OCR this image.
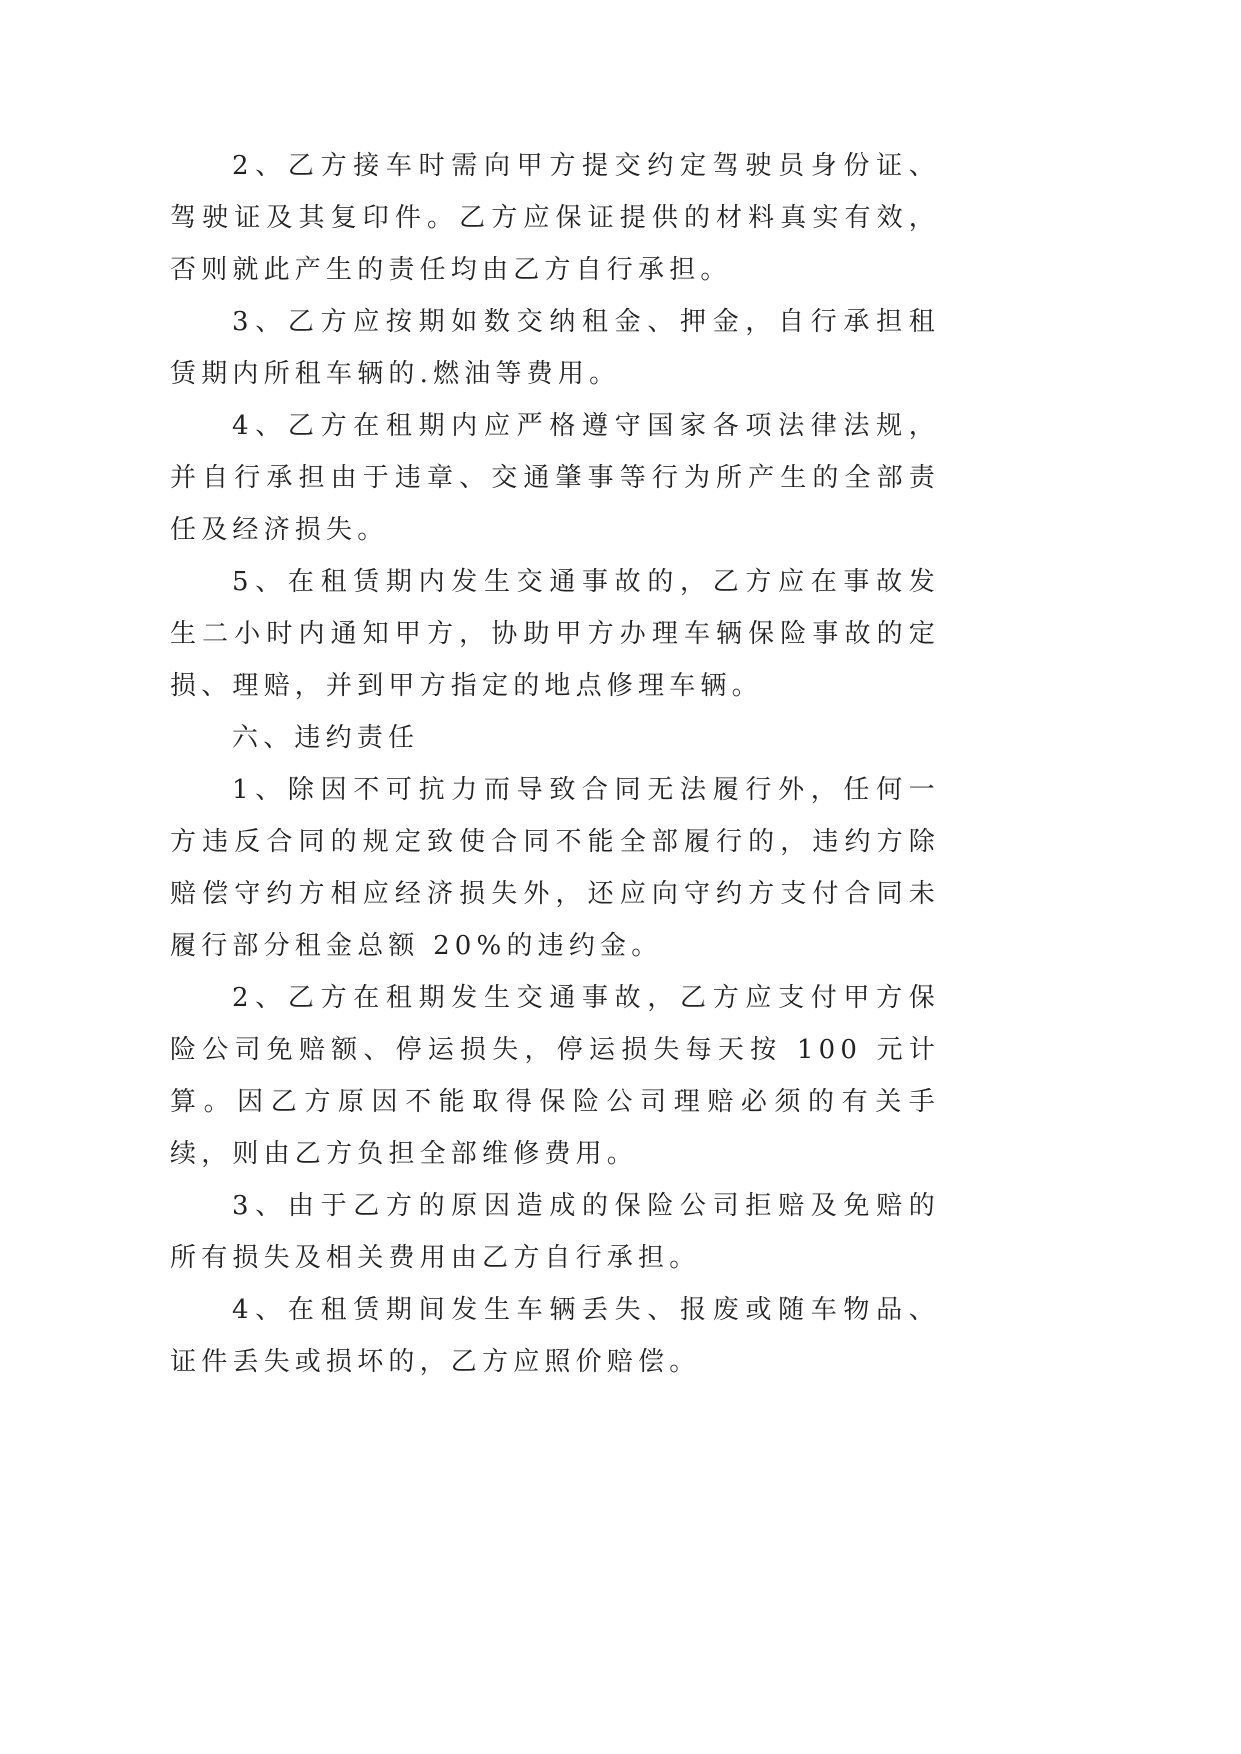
2、乙方接车时需向甲方提交约定驾驶员身份证、驾驶证及其复印件。乙方应保证提供的材料真实有效，否则就此产生的责任均由乙方自行承担。

3、乙方应按期如数交纳租金、押金，自行承担租赁期内所租车辆的.燃油等费用。

4、乙方在租期内应严格遵守国家各项法律法规，并自行承担由于违章、交通肇事等行为所产生的全部责任及经济损失。

5、在租赁期内发生交通事故的，乙方应在事故发生二小时内通知甲方，协助甲方办理车辆保险事故的定损、理赔，并到甲方指定的地点修理车辆。

六、违约责任

1、除因不可抗力而导致合同无法履行外，任何一方违反合同的规定致使合同不能全部履行的，违约方除赔偿守约方相应经济损失外，还应向守约方支付合同未履行部分租金总额 20%的违约金。

2、乙方在租期发生交通事故，乙方应支付甲方保险公司免赔额、停运损失，停运损失每天按 100 元计算。因乙方原因不能取得保险公司理赔必须的有关手续，则由乙方负担全部维修费用。

3、由于乙方的原因造成的保险公司拒赔及免赔的所有损失及相关费用由乙方自行承担。

4、在租赁期间发生车辆丢失、报废或随车物品、证件丢失或损坏的，乙方应照价赔偿。
